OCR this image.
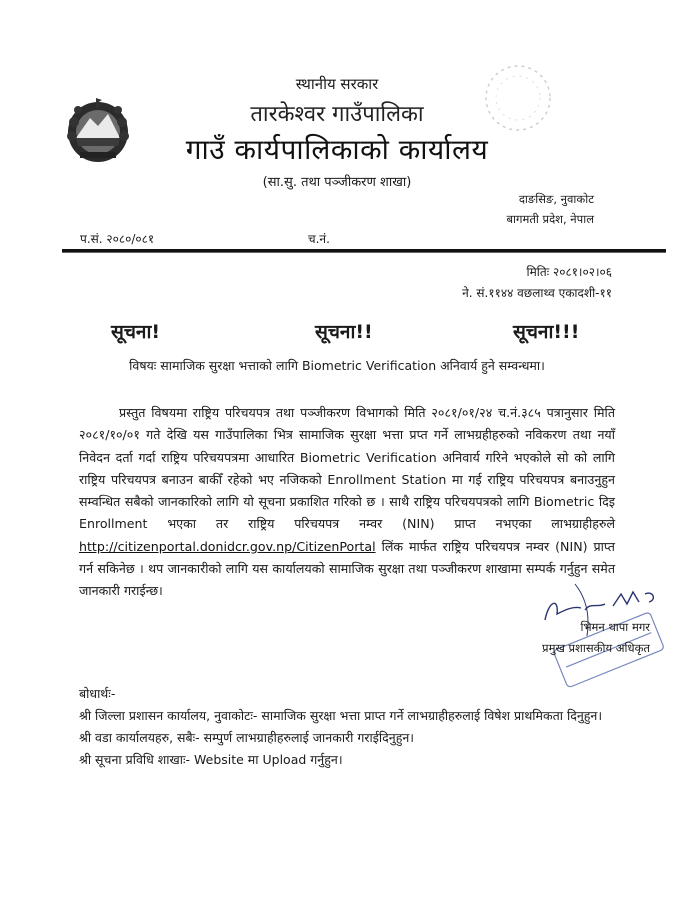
स्थानीय सरकार
तारकेश्वर गाउँपालिका
गाउँ कार्यपालिकाको कार्यालय
(सा.सु. तथा पञ्जीकरण शाखा)
दाङसिङ, नुवाकोट
बागमती प्रदेश, नेपाल
प.सं. २०८०/०८१	च.नं.
मितिः २०८१।०२।०६
ने. सं.११४४ वछलाथ्व एकादशी-११
सूचना!	सूचना!!	सूचना!!!
विषयः सामाजिक सुरक्षा भत्ताको लागि Biometric Verification अनिवार्य हुने सम्वन्धमा।

प्रस्तुत विषयमा राष्ट्रिय परिचयपत्र तथा पञ्जीकरण विभागको मिति २०८१/०१/२४ च.नं.३८५ पत्रानुसार मिति २०८१/१०/०१ गते देखि यस गाउँपालिका भित्र सामाजिक सुरक्षा भत्ता प्रप्त गर्ने लाभग्रहीहरुको नविकरण तथा नयाँ निवेदन दर्ता गर्दा राष्ट्रिय परिचयपत्रमा आधारित Biometric Verification अनिवार्य गरिने भएकोले सो को लागि राष्ट्रिय परिचयपत्र बनाउन बाकीँ रहेको भए नजिकको Enrollment Station मा गई राष्ट्रिय परिचयपत्र बनाउनुहुन सम्वन्धित सबैको जानकारिको लागि यो सूचना प्रकाशित गरिको छ । साथै राष्ट्रिय परिचयपत्रको लागि Biometric दिइ Enrollment भएका तर राष्ट्रिय परिचयपत्र नम्वर (NIN) प्राप्त नभएका लाभग्राहीहरुले http://citizenportal.donidcr.gov.np/CitizenPortal लिंक मार्फत राष्ट्रिय परिचयपत्र नम्वर (NIN) प्राप्त गर्न सकिनेछ । थप जानकारीको लागि यस कार्यालयको सामाजिक सुरक्षा तथा पञ्जीकरण शाखामा सम्पर्क गर्नुहुन समेत जानकारी गराईन्छ।

भिमन थापा मगर
प्रमुख प्रशासकीय अधिकृत
बोधार्थः-
श्री जिल्ला प्रशासन कार्यालय, नुवाकोटः- सामाजिक सुरक्षा भत्ता प्राप्त गर्ने लाभग्राहीहरुलाई विषेश प्राथमिकता दिनुहुन।
श्री वडा कार्यालयहरु, सबैः- सम्पुर्ण लाभग्राहीहरुलाई जानकारी गराईदिनुहुन।
श्री सूचना प्रविधि शाखाः- Website मा Upload गर्नुहुन।
